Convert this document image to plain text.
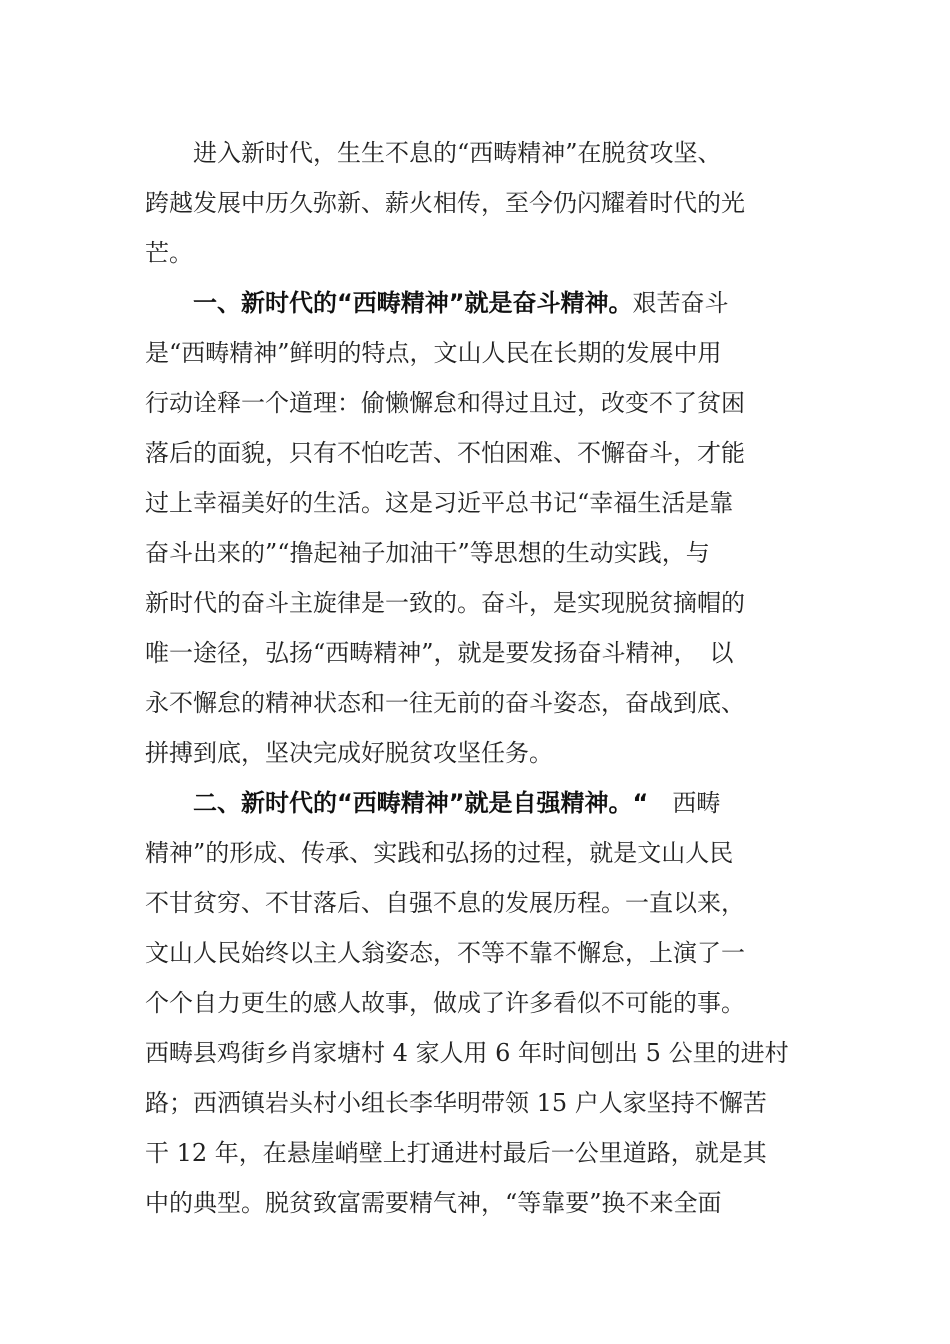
　　进入新时代，生生不息的“西畴精神”在脱贫攻坚、
跨越发展中历久弥新、薪火相传，至今仍闪耀着时代的光
芒。
　　一、新时代的“西畴精神”就是奋斗精神。艰苦奋斗
是“西畴精神”鲜明的特点，文山人民在长期的发展中用
行动诠释一个道理：偷懒懈怠和得过且过，改变不了贫困
落后的面貌，只有不怕吃苦、不怕困难、不懈奋斗，才能
过上幸福美好的生活。这是习近平总书记“幸福生活是靠
奋斗出来的”“撸起袖子加油干”等思想的生动实践，与
新时代的奋斗主旋律是一致的。奋斗，是实现脱贫摘帽的
唯一途径，弘扬“西畴精神”，就是要发扬奋斗精神，　以
永不懈怠的精神状态和一往无前的奋斗姿态，奋战到底、
拼搏到底，坚决完成好脱贫攻坚任务。
　　二、新时代的“西畴精神”就是自强精神。“　西畴
精神”的形成、传承、实践和弘扬的过程，就是文山人民
不甘贫穷、不甘落后、自强不息的发展历程。一直以来，
文山人民始终以主人翁姿态，不等不靠不懈怠，上演了一
个个自力更生的感人故事，做成了许多看似不可能的事。
西畴县鸡街乡肖家塘村 4 家人用 6 年时间刨出 5 公里的进村
路；西洒镇岩头村小组长李华明带领 15 户人家坚持不懈苦
干 12 年，在悬崖峭壁上打通进村最后一公里道路，就是其
中的典型。脱贫致富需要精气神，“等靠要”换不来全面
